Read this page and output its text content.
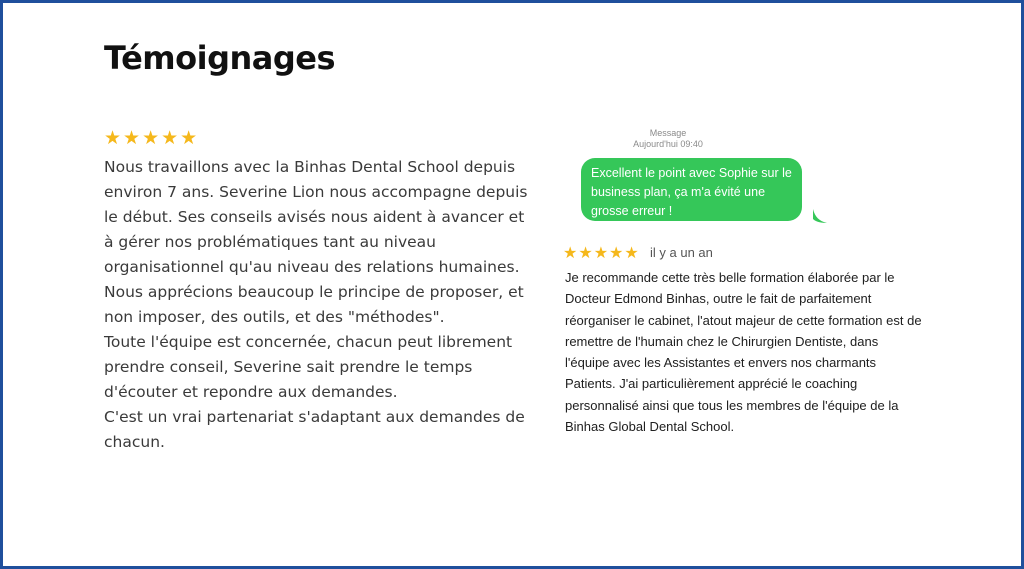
Témoignages
★★★★★

Nous travaillons avec la Binhas Dental School depuis environ 7 ans. Severine Lion nous accompagne depuis le début. Ses conseils avisés nous aident à avancer et à gérer nos problématiques tant au niveau organisationnel qu'au niveau des relations humaines. Nous apprécions beaucoup le principe de proposer, et non imposer, des outils, et des "méthodes".

Toute l'équipe est concernée, chacun peut librement prendre conseil, Severine sait prendre le temps d'écouter et repondre aux demandes.

C'est un vrai partenariat s'adaptant aux demandes de chacun.

Message
Aujourd'hui 09:40
Excellent le point avec Sophie sur le business plan, ça m'a évité une grosse erreur !
★★★★★ il y a un an

Je recommande cette très belle formation élaborée par le Docteur Edmond Binhas, outre le fait de parfaitement réorganiser le cabinet, l'atout majeur de cette formation est de remettre de l'humain chez le Chirurgien Dentiste, dans l'équipe avec les Assistantes et envers nos charmants Patients. J'ai particulièrement apprécié le coaching personnalisé ainsi que tous les membres de l'équipe de la Binhas Global Dental School.
